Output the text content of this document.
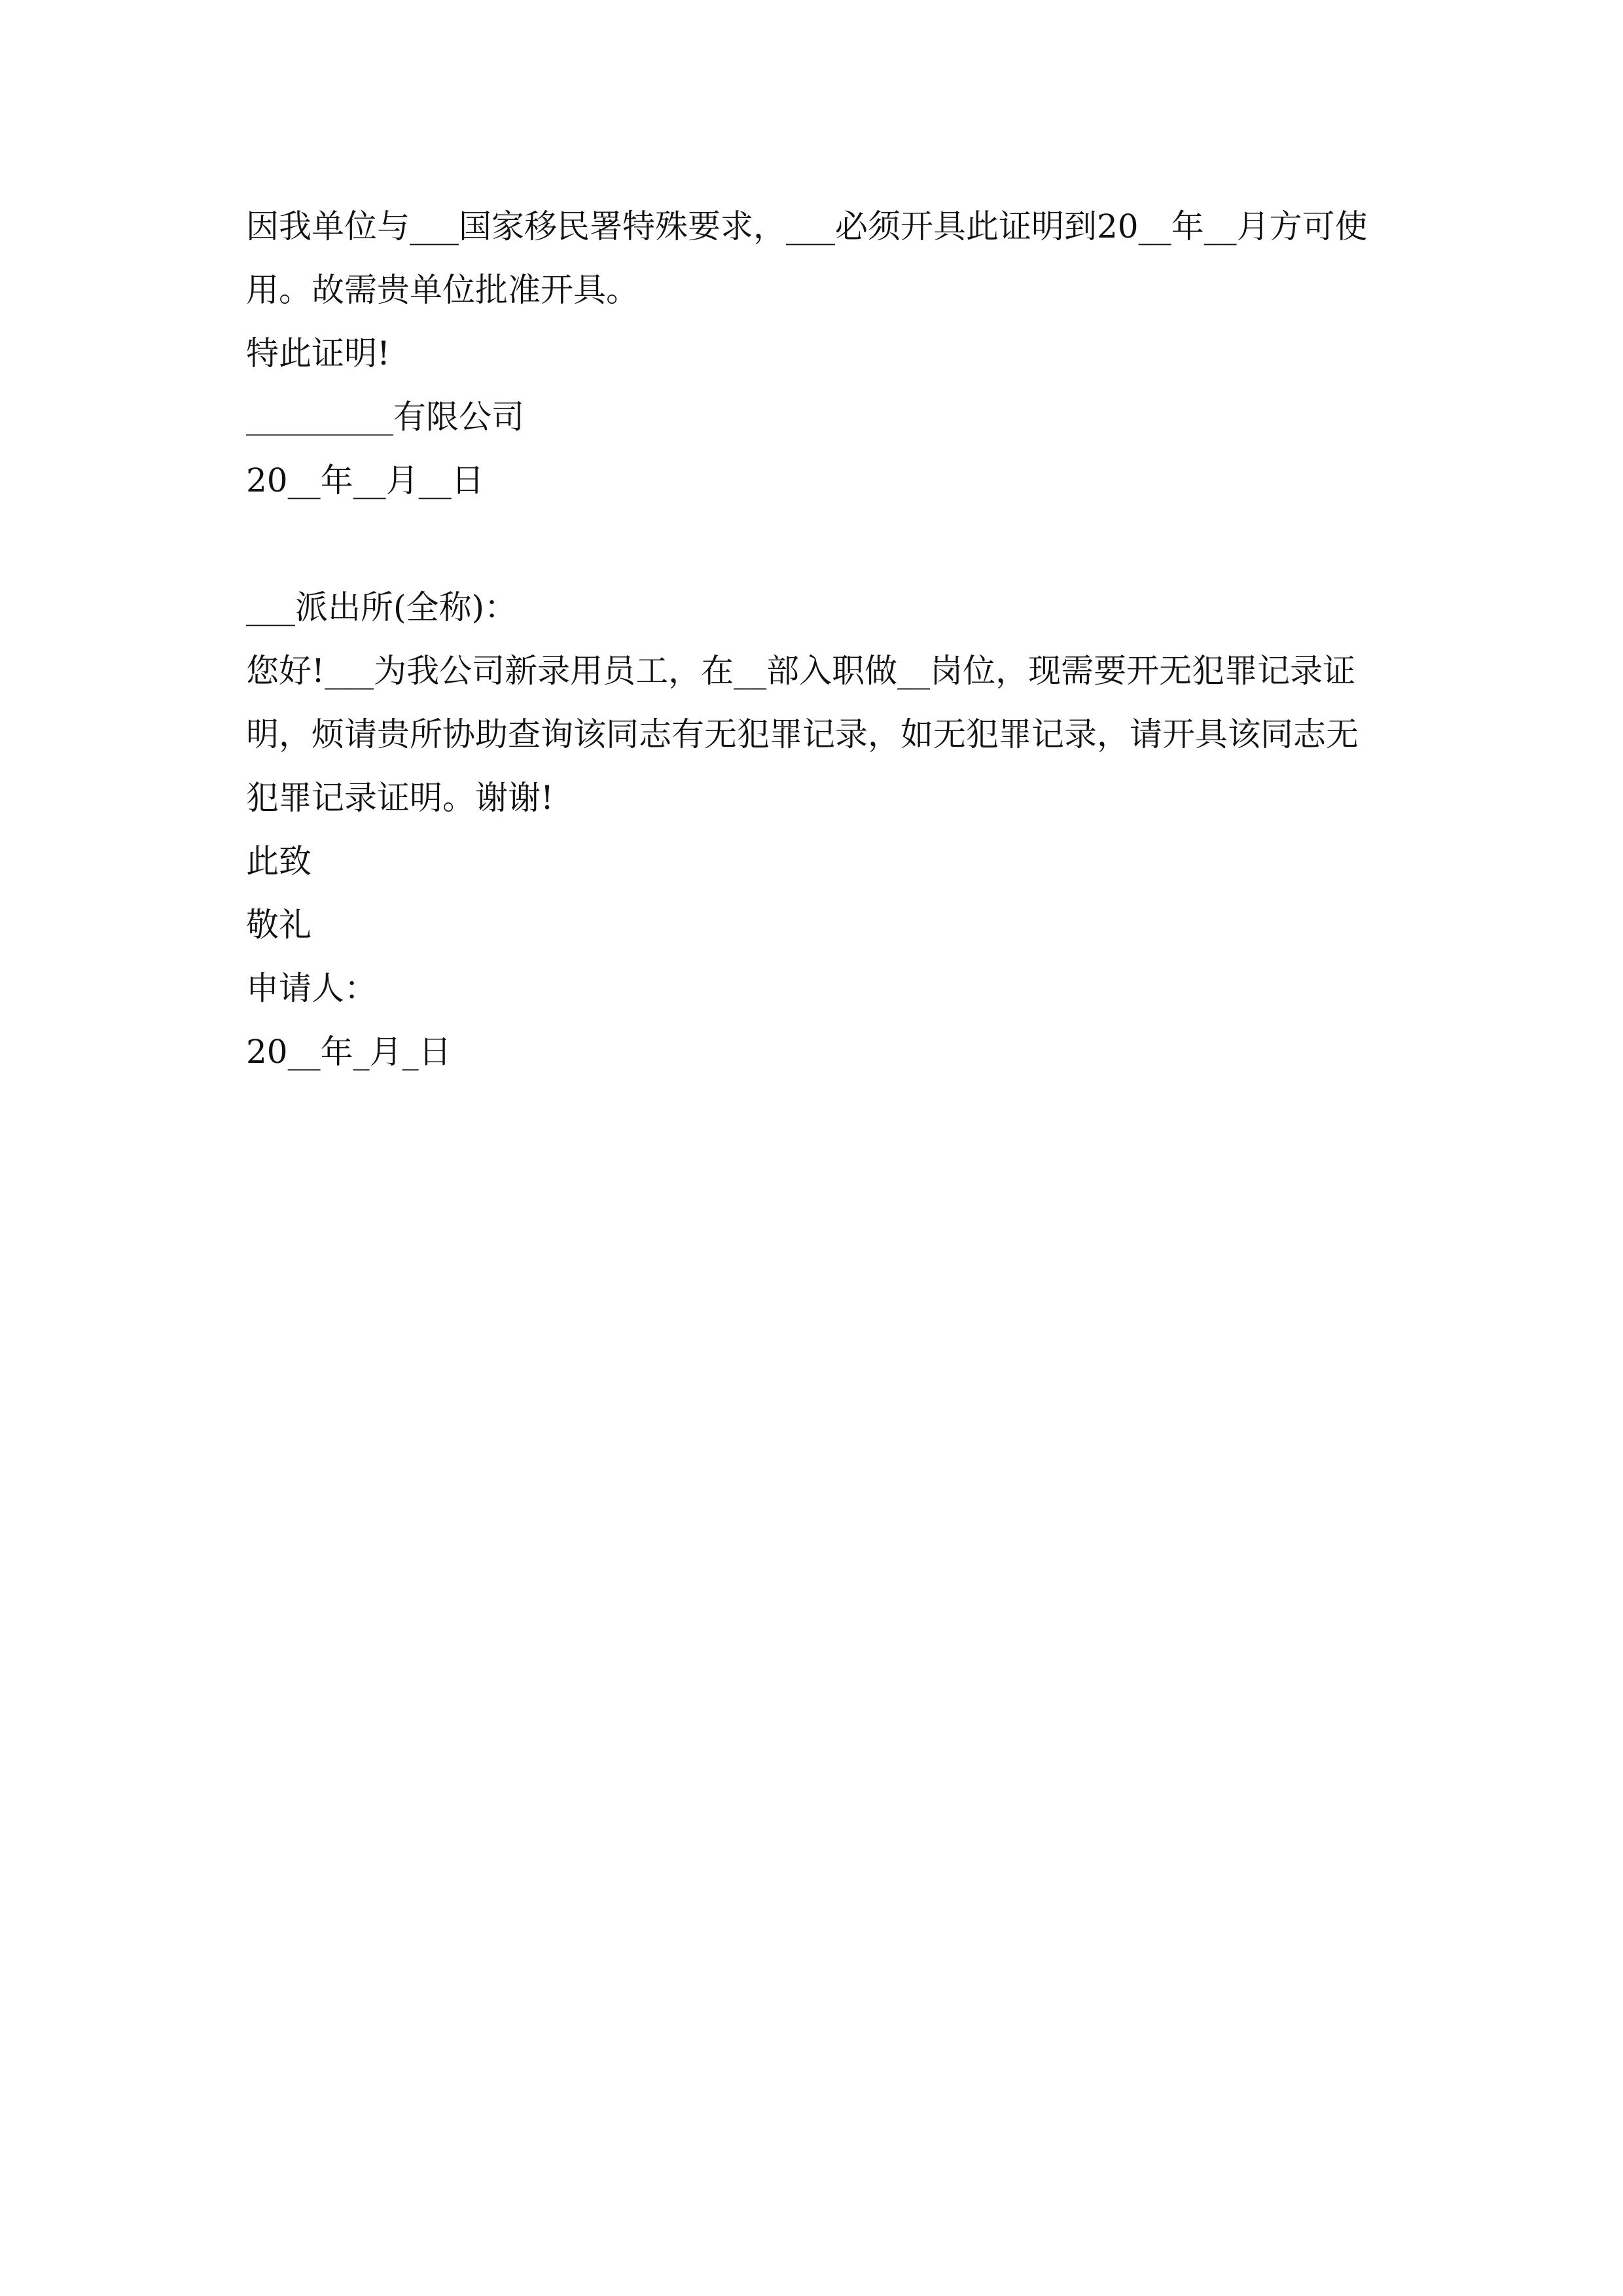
因我单位与___国家移民署特殊要求，___必须开具此证明到20__年__月方可使用。故需贵单位批准开具。

特此证明!

_________有限公司

20__年__月__日

___派出所(全称)：

您好!___为我公司新录用员工，在__部入职做__岗位，现需要开无犯罪记录证明，烦请贵所协助查询该同志有无犯罪记录，如无犯罪记录，请开具该同志无犯罪记录证明。谢谢!

此致

敬礼

申请人：

20__年_月_日
